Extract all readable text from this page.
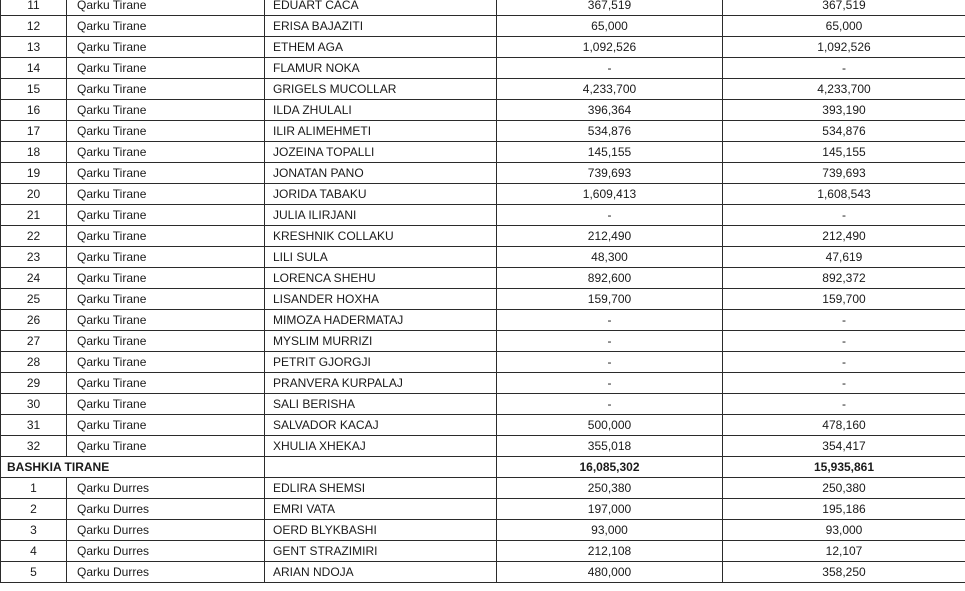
11	Qarku Tirane	EDUART CACA	367,519	367,519
12	Qarku Tirane	ERISA BAJAZITI	65,000	65,000
13	Qarku Tirane	ETHEM AGA	1,092,526	1,092,526
14	Qarku Tirane	FLAMUR NOKA	-	-
15	Qarku Tirane	GRIGELS MUCOLLAR	4,233,700	4,233,700
16	Qarku Tirane	ILDA ZHULALI	396,364	393,190
17	Qarku Tirane	ILIR ALIMEHMETI	534,876	534,876
18	Qarku Tirane	JOZEINA TOPALLI	145,155	145,155
19	Qarku Tirane	JONATAN PANO	739,693	739,693
20	Qarku Tirane	JORIDA TABAKU	1,609,413	1,608,543
21	Qarku Tirane	JULIA ILIRJANI	-	-
22	Qarku Tirane	KRESHNIK COLLAKU	212,490	212,490
23	Qarku Tirane	LILI SULA	48,300	47,619
24	Qarku Tirane	LORENCA SHEHU	892,600	892,372
25	Qarku Tirane	LISANDER HOXHA	159,700	159,700
26	Qarku Tirane	MIMOZA HADERMATAJ	-	-
27	Qarku Tirane	MYSLIM MURRIZI	-	-
28	Qarku Tirane	PETRIT GJORGJI	-	-
29	Qarku Tirane	PRANVERA KURPALAJ	-	-
30	Qarku Tirane	SALI BERISHA	-	-
31	Qarku Tirane	SALVADOR KACAJ	500,000	478,160
32	Qarku Tirane	XHULIA XHEKAJ	355,018	354,417
BASHKIA TIRANE			16,085,302	15,935,861
1	Qarku Durres	EDLIRA SHEMSI	250,380	250,380
2	Qarku Durres	EMRI VATA	197,000	195,186
3	Qarku Durres	OERD BLYKBASHI	93,000	93,000
4	Qarku Durres	GENT STRAZIMIRI	212,108	12,107
5	Qarku Durres	ARIAN NDOJA	480,000	358,250
